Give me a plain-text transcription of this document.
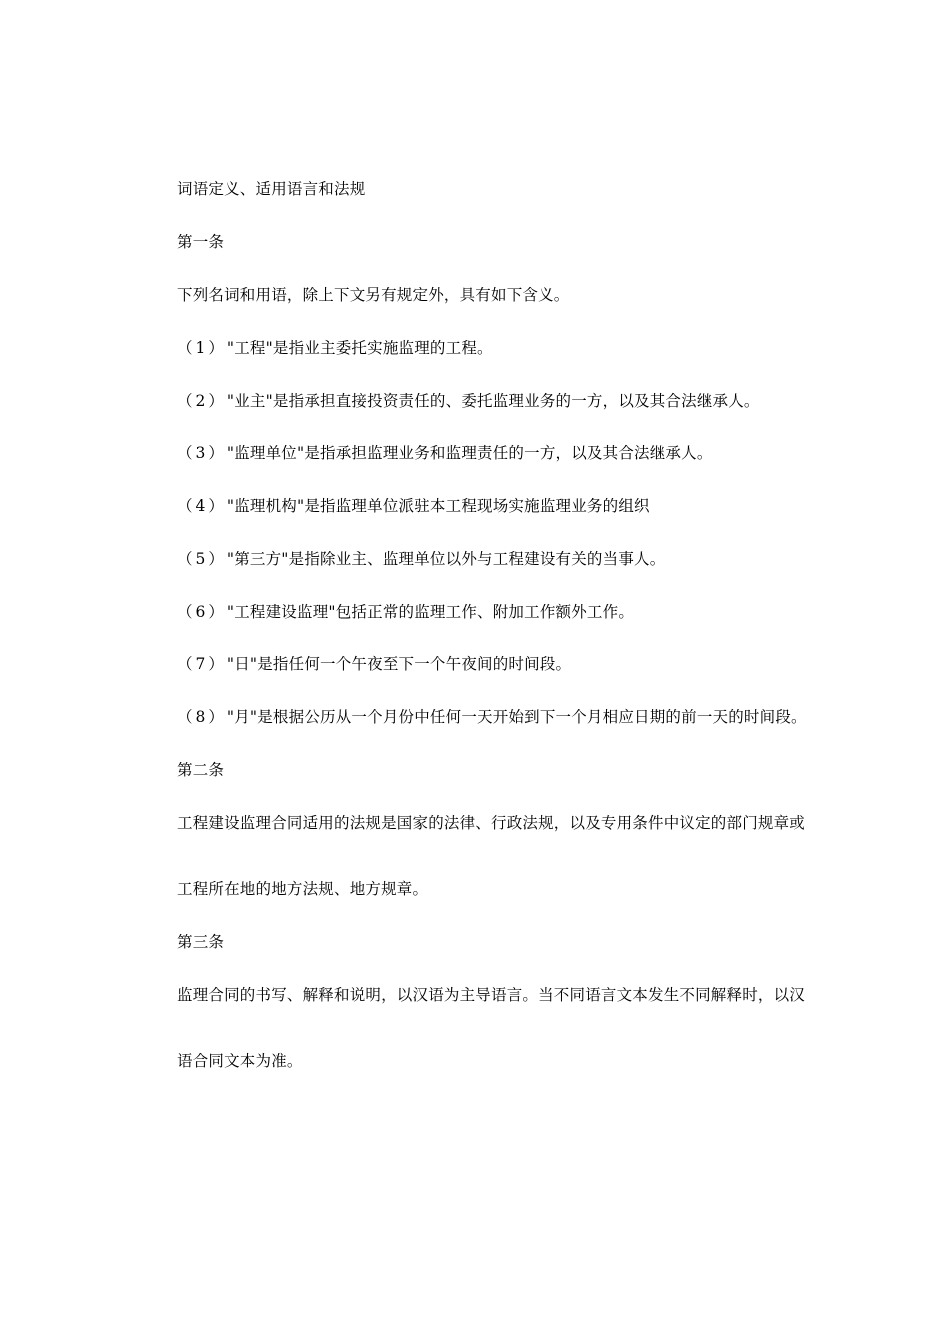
词语定义、适用语言和法规
第一条
下列名词和用语，除上下文另有规定外，具有如下含义。
（1）"工程"是指业主委托实施监理的工程。
（2）"业主"是指承担直接投资责任的、委托监理业务的一方，以及其合法继承人。
（3）"监理单位"是指承担监理业务和监理责任的一方，以及其合法继承人。
（4）"监理机构"是指监理单位派驻本工程现场实施监理业务的组织
（5）"第三方"是指除业主、监理单位以外与工程建设有关的当事人。
（6）"工程建设监理"包括正常的监理工作、附加工作额外工作。
（7）"日"是指任何一个午夜至下一个午夜间的时间段。
（8）"月"是根据公历从一个月份中任何一天开始到下一个月相应日期的前一天的时间段。
第二条
工程建设监理合同适用的法规是国家的法律、行政法规，以及专用条件中议定的部门规章或
工程所在地的地方法规、地方规章。
第三条
监理合同的书写、解释和说明，以汉语为主导语言。当不同语言文本发生不同解释时，以汉
语合同文本为准。
